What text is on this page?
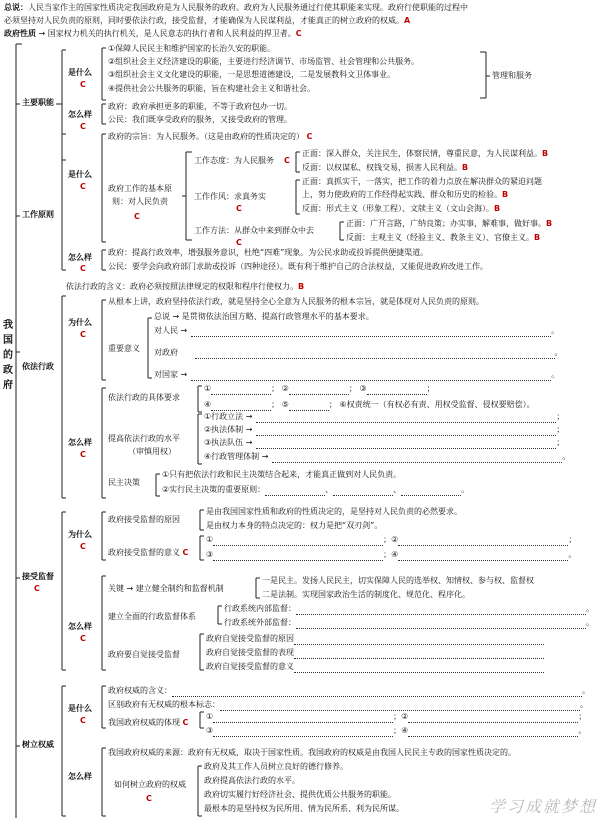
总说：人民当家作主的国家性质决定我国政府是为人民服务的政府。政府为人民服务通过行使其职能来实现。政府行使职能的过程中
必须坚持对人民负责的原则，同时要依法行政，接受监督，才能确保为人民谋利益，才能真正的树立政府的权威。A
政府性质 → 国家权力机关的执行机关，是人民意志的执行者和人民利益的捍卫者。C
我国的政府
主要职能
是什么
C
①保障人民民主和维护国家的长治久安的职能。
②组织社会主义经济建设的职能，主要进行经济调节、市场监管、社会管理和公共服务。
③组织社会主义文化建设的职能，一是思想道德建设，二是发展教科文卫体事业。
④提供社会公共服务的职能，旨在构建社会主义和谐社会。
管理和服务
怎么样
C
政府：政府承担更多的职能，不等于政府包办一切。
公民：我们既享受政府的服务，又接受政府的管理。
工作原则
是什么
C
政府的宗旨：为人民服务。（这是由政府的性质决定的） C
政府工作的基本原
则：对人民负责
C
工作态度：为人民服务 C
正面：深入群众，关注民生，体察民情，尊重民意，为人民谋利益。B
反面：以权谋私、权钱交易，损害人民利益。B
工作作风：求真务实
C
正面：真抓实干，一落实，把工作的着力点放在解决群众的紧迫问题
上，努力使政府的工作经得起实践、群众和历史的检验。B
反面：形式主义（形象工程）、文牍主义（文山会海）。B
工作方法：从群众中来到群众中去
C
正面：广开言路，广纳良策；办实事，解难事，做好事。B
反面：主观主义（经验主义、教条主义）、官僚主义。B
怎么样
C
政府：提高行政效率，增强服务意识，杜绝“四难”现象。为公民求助或投诉提供便捷渠道。
公民：要学会向政府部门求助或投诉（四种途径）。既有利于维护自己的合法权益，又能促进政府改进工作。
依法行政
依法行政的含义：政府必须按照法律规定的权限和程序行使权力。B
为什么
C
从根本上讲，政府坚持依法行政，就是坚持全心全意为人民服务的根本宗旨，就是体现对人民负责的原则。
重要意义
总说 → 是贯彻依法治国方略、提高行政管理水平的基本要求。
对人民 →	。
对政府	。
对国家 →	。
怎么样
C
依法行政的具体要求
①	； ②	； ③	；
④	； ⑤	； ⑥权责统一（有权必有责、用权受监督、侵权要赔偿）。
提高依法行政的水平
（审慎用权）
①行政立法 →	；
②执法体制 →	；
③执法队伍 →	；
④行政管理体制 →	。
民主决策
①只有把依法行政和民主决策结合起来，才能真正做到对人民负责。
②实行民主决策的重要原则：	、	、	。
接受监督
C
为什么
C
政府接受监督的原因
是由我国国家性质和政府的性质决定的，是坚持对人民负责的必然要求。
是由权力本身的特点决定的：权力是把“双刃剑”。
政府接受监督的意义 C
①	；②	；
③	；④	。
怎么样
C
关键 → 建立健全制约和监督机制
一是民主。发扬人民民主，切实保障人民的选举权、知情权、参与权、监督权
二是法制。实现国家政治生活的制度化、规范化、程序化。
建立全面的行政监督体系
行政系统内部监督：	。
行政系统外部监督：	。
政府要自觉接受监督
政府自觉接受监督的原因
政府自觉接受监督的表现
政府自觉接受监督的意义
树立权威
是什么
C
政府权威的含义：	。
区别政府有无权威的根本标志：	。
我国政府权威的体现 C
①	；②	；
③	；④	。
怎么样
我国政府权威的来源：政府有无权威，取决于国家性质。我国政府的权威是由我国人民民主专政的国家性质决定的。
如何树立政府的权威
C
政府及其工作人员树立良好的德行修养。
政府提高依法行政的水平。
政府切实履行好经济社会、提供优质公共服务的职能。
最根本的是坚持权为民所用、情为民所系、利为民所谋。	学习成就梦想
